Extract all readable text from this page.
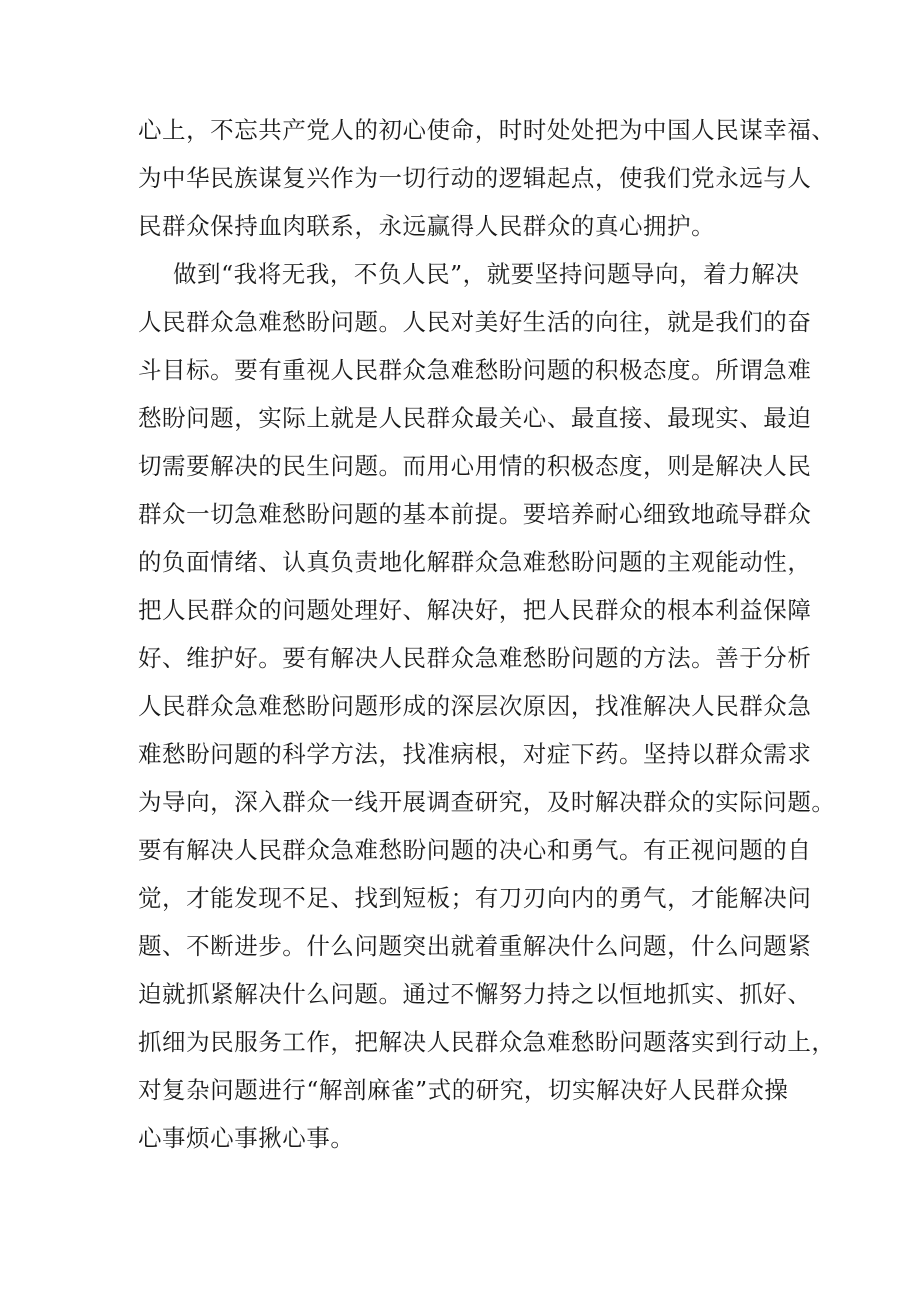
心上，不忘共产党人的初心使命，时时处处把为中国人民谋幸福、
为中华民族谋复兴作为一切行动的逻辑起点，使我们党永远与人
民群众保持血肉联系，永远赢得人民群众的真心拥护。
做到“我将无我，不负人民”，就要坚持问题导向，着力解决
人民群众急难愁盼问题。人民对美好生活的向往，就是我们的奋
斗目标。要有重视人民群众急难愁盼问题的积极态度。所谓急难
愁盼问题，实际上就是人民群众最关心、最直接、最现实、最迫
切需要解决的民生问题。而用心用情的积极态度，则是解决人民
群众一切急难愁盼问题的基本前提。要培养耐心细致地疏导群众
的负面情绪、认真负责地化解群众急难愁盼问题的主观能动性，
把人民群众的问题处理好、解决好，把人民群众的根本利益保障
好、维护好。要有解决人民群众急难愁盼问题的方法。善于分析
人民群众急难愁盼问题形成的深层次原因，找准解决人民群众急
难愁盼问题的科学方法，找准病根，对症下药。坚持以群众需求
为导向，深入群众一线开展调查研究，及时解决群众的实际问题。
要有解决人民群众急难愁盼问题的决心和勇气。有正视问题的自
觉，才能发现不足、找到短板；有刀刃向内的勇气，才能解决问
题、不断进步。什么问题突出就着重解决什么问题，什么问题紧
迫就抓紧解决什么问题。通过不懈努力持之以恒地抓实、抓好、
抓细为民服务工作，把解决人民群众急难愁盼问题落实到行动上，
对复杂问题进行“解剖麻雀”式的研究，切实解决好人民群众操
心事烦心事揪心事。
